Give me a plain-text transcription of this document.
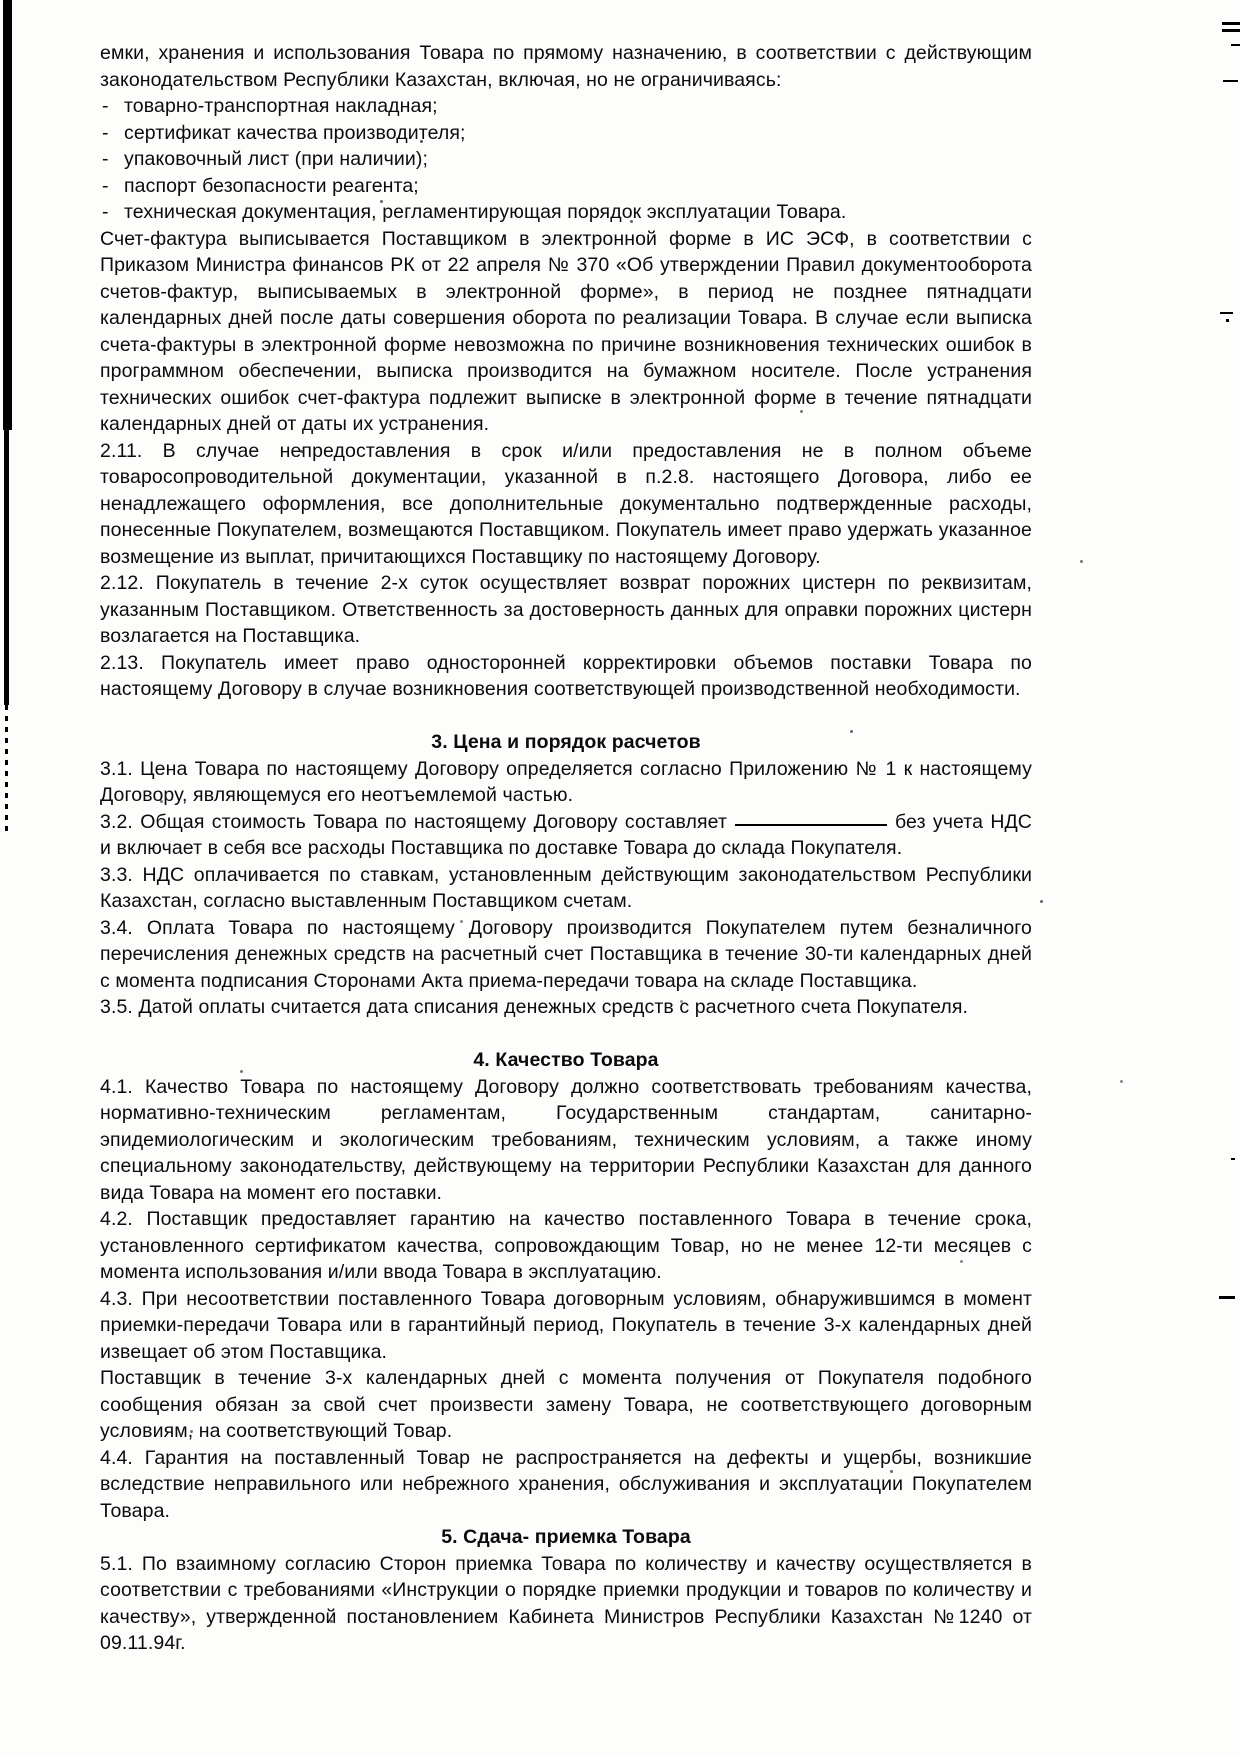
емки, хранения и использования Товара по прямому назначению, в соответствии с действующим законодательством Республики Казахстан, включая, но не ограничиваясь:

- товарно-транспортная накладная;
- сертификат качества производителя;
- упаковочный лист (при наличии);
- паспорт безопасности реагента;
- техническая документация, регламентирующая порядок эксплуатации Товара.

Счет-фактура выписывается Поставщиком в электронной форме в ИС ЭСФ, в соответствии с Приказом Министра финансов РК от 22 апреля № 370 «Об утверждении Правил документооборота счетов-фактур, выписываемых в электронной форме», в период не позднее пятнадцати календарных дней после даты совершения оборота по реализации Товара. В случае если выписка счета-фактуры в электронной форме невозможна по причине возникновения технических ошибок в программном обеспечении, выписка производится на бумажном носителе. После устранения технических ошибок счет-фактура подлежит выписке в электронной форме в течение пятнадцати календарных дней от даты их устранения.

2.11. В случае непредоставления в срок и/или предоставления не в полном объеме товаросопроводительной документации, указанной в п.2.8. настоящего Договора, либо ее ненадлежащего оформления, все дополнительные документально подтвержденные расходы, понесенные Покупателем, возмещаются Поставщиком. Покупатель имеет право удержать указанное возмещение из выплат, причитающихся Поставщику по настоящему Договору.

2.12. Покупатель в течение 2-х суток осуществляет возврат порожних цистерн по реквизитам, указанным Поставщиком. Ответственность за достоверность данных для оправки порожних цистерн возлагается на Поставщика.

2.13. Покупатель имеет право односторонней корректировки объемов поставки Товара по настоящему Договору в случае возникновения соответствующей производственной необходимости.

3. Цена и порядок расчетов

3.1. Цена Товара по настоящему Договору определяется согласно Приложению № 1 к настоящему Договору, являющемуся его неотъемлемой частью.

3.2. Общая стоимость Товара по настоящему Договору составляет	без учета НДС и включает в себя все расходы Поставщика по доставке Товара до склада Покупателя.

3.3. НДС оплачивается по ставкам, установленным действующим законодательством Республики Казахстан, согласно выставленным Поставщиком счетам.

3.4. Оплата Товара по настоящему Договору производится Покупателем путем безналичного перечисления денежных средств на расчетный счет Поставщика в течение 30-ти календарных дней с момента подписания Сторонами Акта приема-передачи товара на складе Поставщика.

3.5. Датой оплаты считается дата списания денежных средств с расчетного счета Покупателя.

4. Качество Товара

4.1. Качество Товара по настоящему Договору должно соответствовать требованиям качества, нормативно-техническим регламентам, Государственным стандартам, санитарно-эпидемиологическим и экологическим требованиям, техническим условиям, а также иному специальному законодательству, действующему на территории Республики Казахстан для данного вида Товара на момент его поставки.

4.2. Поставщик предоставляет гарантию на качество поставленного Товара в течение срока, установленного сертификатом качества, сопровождающим Товар, но не менее 12-ти месяцев с момента использования и/или ввода Товара в эксплуатацию.

4.3. При несоответствии поставленного Товара договорным условиям, обнаружившимся в момент приемки-передачи Товара или в гарантийный период, Покупатель в течение 3-х календарных дней извещает об этом Поставщика.

Поставщик в течение 3-х календарных дней с момента получения от Покупателя подобного сообщения обязан за свой счет произвести замену Товара, не соответствующего договорным условиям, на соответствующий Товар.

4.4. Гарантия на поставленный Товар не распространяется на дефекты и ущербы, возникшие вследствие неправильного или небрежного хранения, обслуживания и эксплуатации Покупателем Товара.

5. Сдача- приемка Товара

5.1. По взаимному согласию Сторон приемка Товара по количеству и качеству осуществляется в соответствии с требованиями «Инструкции о порядке приемки продукции и товаров по количеству и качеству», утвержденной постановлением Кабинета Министров Республики Казахстан №1240 от 09.11.94г.
